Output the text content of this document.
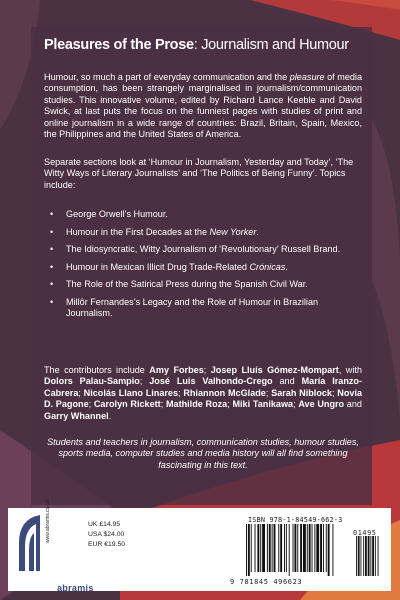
Pleasures of the Prose: Journalism and Humour
Humour, so much a part of everyday communication and the pleasure of media consumption, has been strangely marginalised in journalism/communication studies. This innovative volume, edited by Richard Lance Keeble and David Swick, at last puts the focus on the funniest pages with studies of print and online journalism in a wide range of countries: Brazil, Britain, Spain, Mexico, the Philippines and the United States of America.
Separate sections look at ‘Humour in Journalism, Yesterday and Today’, ‘The Witty Ways of Literary Journalists’ and ‘The Politics of Being Funny’. Topics include:
• George Orwell’s Humour.
• Humour in the First Decades at the New Yorker.
• The Idiosyncratic, Witty Journalism of ‘Revolutionary’ Russell Brand.
• Humour in Mexican Illicit Drug Trade-Related Crónicas.
• The Role of the Satirical Press during the Spanish Civil War.
• Millôr Fernandes’s Legacy and the Role of Humour in Brazilian Journalism.
The contributors include Amy Forbes; Josep Lluís Gómez-Mompart, with Dolors Palau-Sampio; José Luis Valhondo-Crego and María Iranzo-Cabrera; Nicolás Llano Linares; Rhiannon McGlade; Sarah Niblock; Novia D. Pagone; Carolyn Rickett; Mathilde Roza; Miki Tanikawa; Ave Ungro and Garry Whannel.
Students and teachers in journalism, communication studies, humour studies, sports media, computer studies and media history will all find something fascinating in this text.
www.abramis.co.uk
abramis
UK £14.95
USA $24.00
EUR €19.50
ISBN 978-1-84549-662-3
01495
9 781845 496623
